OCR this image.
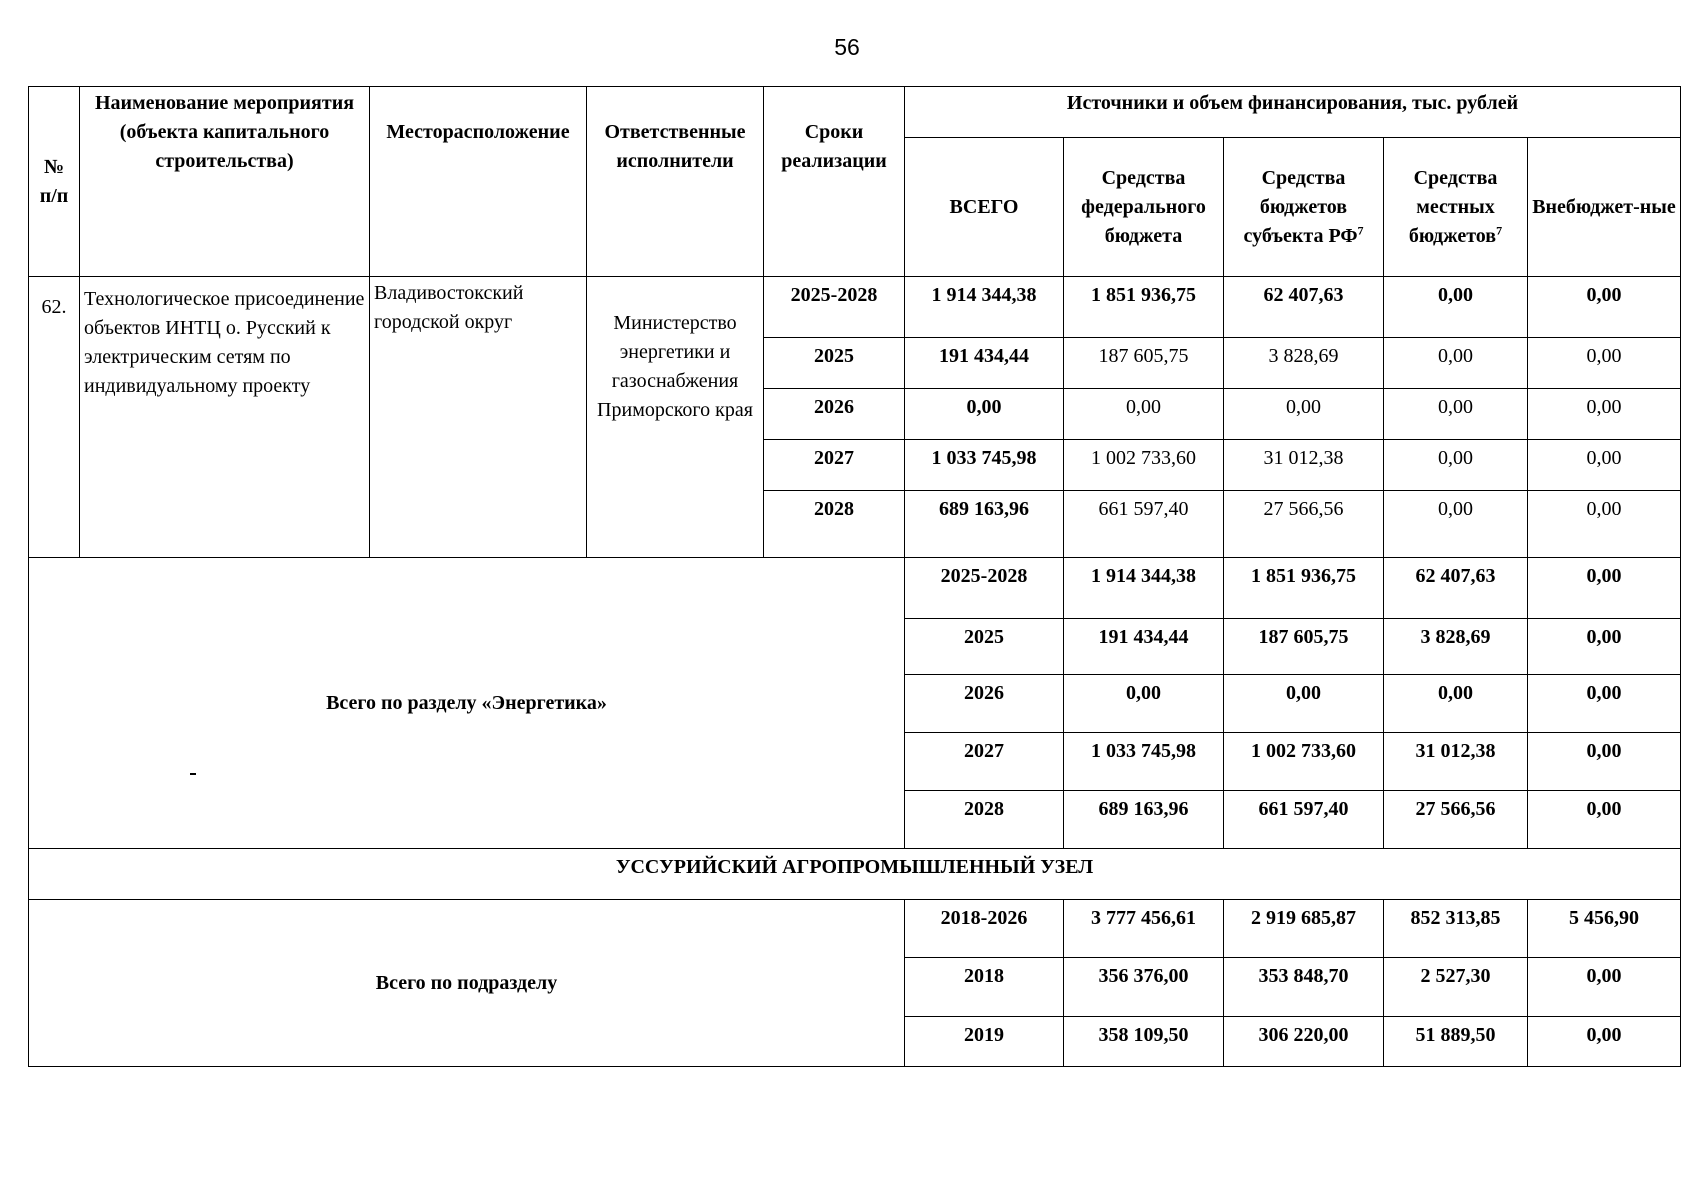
56
№ п/п	Наименование мероприятия (объекта капитального строительства)	Месторасположение	Ответственные исполнители	Сроки реализации	Источники и объем финансирования, тыс. рублей					
					ВСЕГО	Средства федерального бюджета	Средства бюджетов субъекта $РФ^7$	Средства местных бюджетов$^7$	Внебюджет-ные	
62.	Технологическое присоединение объектов ИНТЦ о. Русский к электрическим сетям по индивидуальному проекту	Владивостокский городской округ	Министерство энергетики и газоснабжения Приморского края	2025-2028	1 914 344,38	1 851 936,75	62 407,63	0,00	0,00	
				2025	191 434,44	187 605,75	3 828,69	0,00	0,00	
				2026	0,00	0,00	0,00	0,00	0,00	
				2027	1 033 745,98	1 002 733,60	31 012,38	0,00	0,00	
				2028	689 163,96	661 597,40	27 566,56	0,00	0,00	
Всего по разделу «Энергетика»					2025-2028	1 914 344,38	1 851 936,75	62 407,63	0,00	
					2025	191 434,44	187 605,75	3 828,69	0,00	
					2026	0,00	0,00	0,00	0,00	
					2027	1 033 745,98	1 002 733,60	31 012,38	0,00	
					2028	689 163,96	661 597,40	27 566,56	0,00	
УССУРИЙСКИЙ АГРОПРОМЫШЛЕННЫЙ УЗЕЛ										
Всего по подразделу					2018-2026	3 777 456,61	2 919 685,87	852 313,85	5 456,90	
					2018	356 376,00	353 848,70	2 527,30	0,00	
					2019	358 109,50	306 220,00	51 889,50	0,00	
